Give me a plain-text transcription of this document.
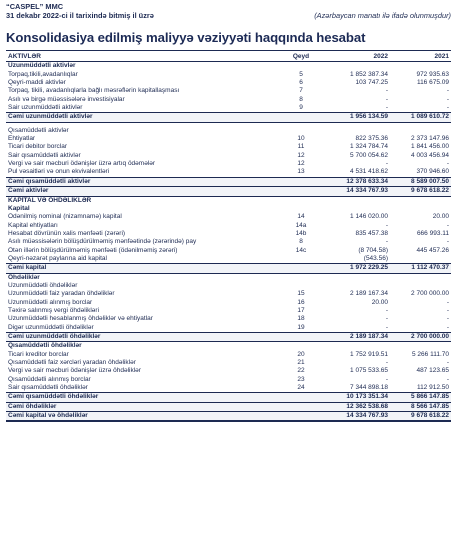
“CASPEL” MMC
31 dekabr 2022-ci il tarixində bitmiş il üzrə	(Azərbaycan manatı ilə ifadə olunmuşdur)
Konsolidasiya edilmiş maliyyə vəziyyəti haqqında hesabat
AKTİVLƏR	Qeyd	2022	2021
Uzunmüddətli aktivlər			
Torpaq,tikili,avadanlıqlar	5	1 852 387.34	972 935.63
Qeyri-maddi aktivlər	6	103 747.25	116 675.09
Torpaq, tikili, avadanlıqlarla bağlı məsrəflərin kapitallaşması	7	-	-
Asılı və birgə müəssisələrə investisiyalar	8	-	-
Sair uzunmüddətli aktivlər	9	-	-
Cəmi uzunmüddətli aktivlər		1 956 134.59	1 089 610.72

Qısamüddətli aktivlər			
Ehtiyatlar	10	822 375.36	2 373 147.96
Ticari debitor borclar	11	1 324 784.74	1 841 456.00
Sair qısamüddətli aktivlər	12	5 700 054.62	4 003 456.94
Vergi və sair məcburi ödənişlər üzrə artıq ödəmələr	12	-	-
Pul vəsaitləri və onun ekvivalentləri	13	4 531 418.62	370 946.60
Cəmi qısamüddətli aktivlər		12 378 633.34	8 589 007.50
Cəmi aktivlər		14 334 767.93	9 678 618.22
KAPİTAL VƏ ÖHDƏLİKLƏR			
Kapital			
Ödənilmiş nominal (nizamnamə) kapital	14	1 146 020.00	20.00
Kapital ehtiyatları	14a	-	-
Hesabat dövrünün xalis mənfəəti (zərəri)	14b	835 457.38	666 993.11
Asılı müəssisələrin bölüşdürülməmiş mənfəətində (zərərində) pay	8	-	-
Ötən illərin bölüşdürülməmiş mənfəəti (ödənilməmiş zərəri)	14c	(8 704.58)	445 457.26
Qeyri-nəzarət paylarına aid kapital		(543.56)	
Cəmi kapital		1 972 229.25	1 112 470.37
Öhdəliklər			
Uzunmüddətli öhdəliklər			
Uzunmüddətli faiz yaradan öhdəliklər	15	2 189 167.34	2 700 000.00
Uzunmüddətli alınmış borclar	16	20.00	-
Təxirə salınmış vergi öhdəlikləri	17	-	-
Uzunmüddətli hesablanmış öhdəliklər və ehtiyatlar	18	-	-
Digər uzunmüddətli öhdəliklər	19	-	-
Cəmi uzunmüddətli öhdəliklər		2 189 187.34	2 700 000.00
Qısamüddətli öhdəliklər			
Ticari kreditor borclar	20	1 752 919.51	5 266 111.70
Qısamüddətli faiz xərcləri yaradan öhdəliklər	21	-	-
Vergi və sair məcburi ödənişlər üzrə öhdəliklər	22	1 075 533.65	487 123.65
Qısamüddətli alınmış borclar	23	-	-
Sair qısamüddətli öhdəliklər	24	7 344 898.18	112 912.50
Cəmi qısamüddətli öhdəliklər		10 173 351.34	5 866 147.85
Cəmi öhdəliklər		12 362 538.68	8 566 147.85
Cəmi kapital və öhdəliklər		14 334 767.93	9 678 618.22
